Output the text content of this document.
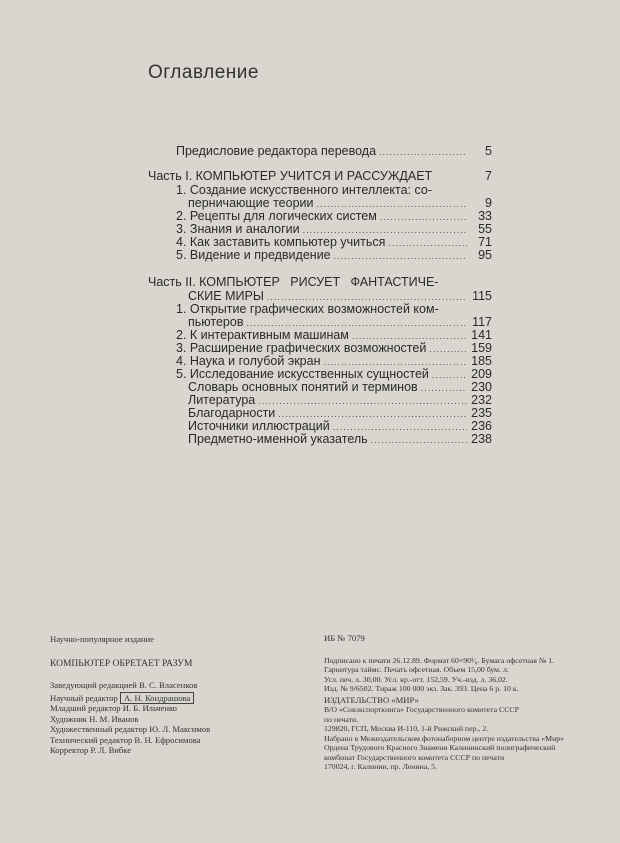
Оглавление
Предисловие редактора перевода .....	5
Часть I. КОМПЬЮТЕР УЧИТСЯ И РАССУЖДАЕТ	7
1. Создание искусственного интеллекта: со-
перничающие теории .....	9
2. Рецепты для логических систем .....	33
3. Знания и аналогии .....	55
4. Как заставить компьютер учиться .....	71
5. Видение и предвидение .....	95
Часть II. КОМПЬЮТЕР   РИСУЕТ   ФАНТАСТИЧЕ-
СКИЕ МИРЫ .....	115
1. Открытие графических возможностей ком-
пьютеров .....	117
2. К интерактивным машинам .....	141
3. Расширение графических возможностей .....	159
4. Наука и голубой экран .....	185
5. Исследование искусственных сущностей .....	209
Словарь основных понятий и терминов .....	230
Литература .....	232
Благодарности .....	235
Источники иллюстраций .....	236
Предметно-именной указатель .....	238
Научно-популярное издание
КОМПЬЮТЕР ОБРЕТАЕТ РАЗУМ
Заведующий редакцией В. С. Власенков
Научный редактор А. Н. Кондрашова
Младший редактор И. Б. Ильченко
Художник Н. М. Иванов
Художественный редактор Ю. Л. Максимов
Технический редактор В. Н. Ефросимова
Корректор Р. Л. Вибке
ИБ № 7079
Подписано к печати 26.12.89. Формат 60×90¹⁄₈. Бумага офсетная № 1.
Гарнитура таймс. Печать офсетная. Объем 15,00 бум. л.
Усл. печ. л. 30,00. Усл. кр.-отт. 152,59. Уч.-изд. л. 36,02.
Изд. № 9/6502. Тираж 100 000 экз. Зак. 393. Цена 6 р. 10 к.
ИЗДАТЕЛЬСТВО «МИР»
В/О «Совэкспорткнига» Государственного комитета СССР
по печати.
129820, ГСП, Москва И-110, 1-й Рижский пер., 2.
Набрано в Межиздательском фотонаборном центре издательства «Мир»
Ордена Трудового Красного Знамени Калининский полиграфический
комбинат Государственного комитета СССР по печати
170024, г. Калинин, пр. Ленина, 5.
